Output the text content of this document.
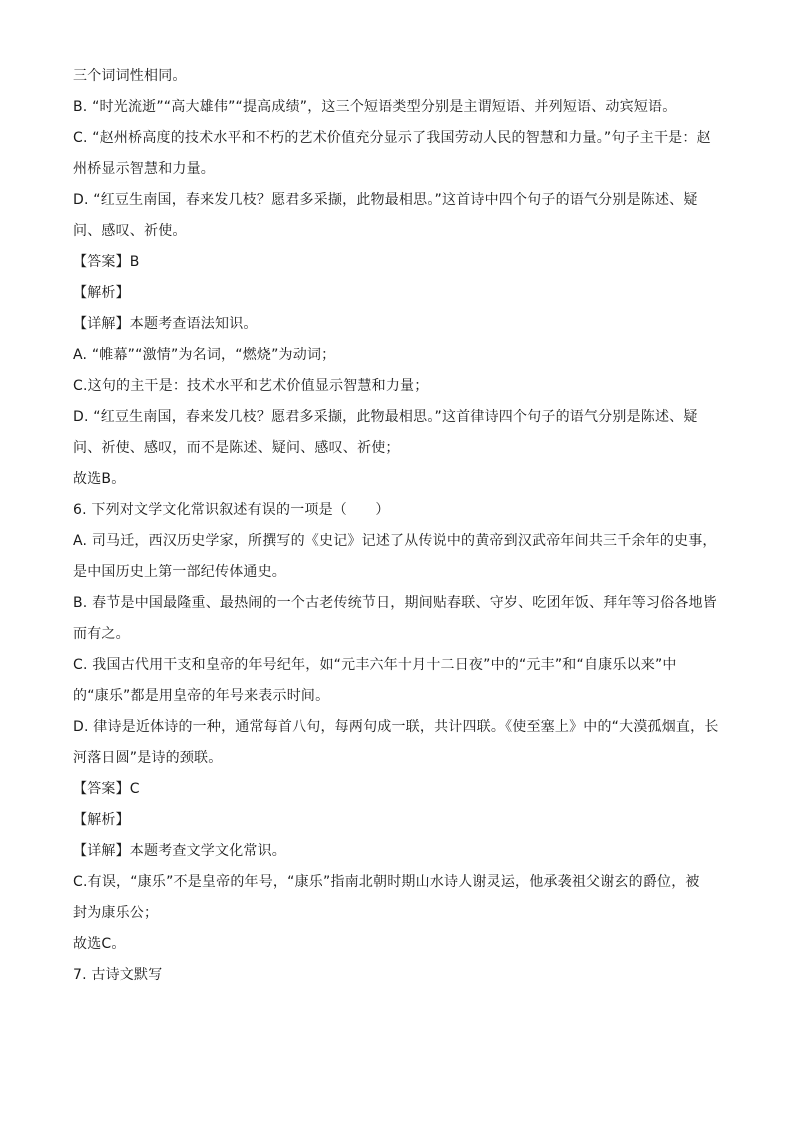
三个词词性相同。
B. “时光流逝”“高大雄伟”“提高成绩”，这三个短语类型分别是主谓短语、并列短语、动宾短语。
C. “赵州桥高度的技术水平和不朽的艺术价值充分显示了我国劳动人民的智慧和力量。”句子主干是：赵
州桥显示智慧和力量。
D. “红豆生南国，春来发几枝？愿君多采撷，此物最相思。”这首诗中四个句子的语气分别是陈述、疑
问、感叹、祈使。
【答案】B
【解析】
【详解】本题考查语法知识。
A. “帷幕”“激情”为名词，“燃烧”为动词；
C.这句的主干是：技术水平和艺术价值显示智慧和力量；
D. “红豆生南国，春来发几枝？愿君多采撷，此物最相思。”这首律诗四个句子的语气分别是陈述、疑
问、祈使、感叹，而不是陈述、疑问、感叹、祈使；
故选B。
6. 下列对文学文化常识叙述有误的一项是（　　）
A. 司马迁，西汉历史学家，所撰写的《史记》记述了从传说中的黄帝到汉武帝年间共三千余年的史事，
是中国历史上第一部纪传体通史。
B. 春节是中国最隆重、最热闹的一个古老传统节日，期间贴春联、守岁、吃团年饭、拜年等习俗各地皆
而有之。
C. 我国古代用干支和皇帝的年号纪年，如“元丰六年十月十二日夜”中的“元丰”和“自康乐以来”中
的“康乐”都是用皇帝的年号来表示时间。
D. 律诗是近体诗的一种，通常每首八句，每两句成一联，共计四联。《使至塞上》中的“大漠孤烟直，长
河落日圆”是诗的颈联。
【答案】C
【解析】
【详解】本题考查文学文化常识。
C.有误，“康乐”不是皇帝的年号，“康乐”指南北朝时期山水诗人谢灵运，他承袭祖父谢玄的爵位，被
封为康乐公；
故选C。
7. 古诗文默写
